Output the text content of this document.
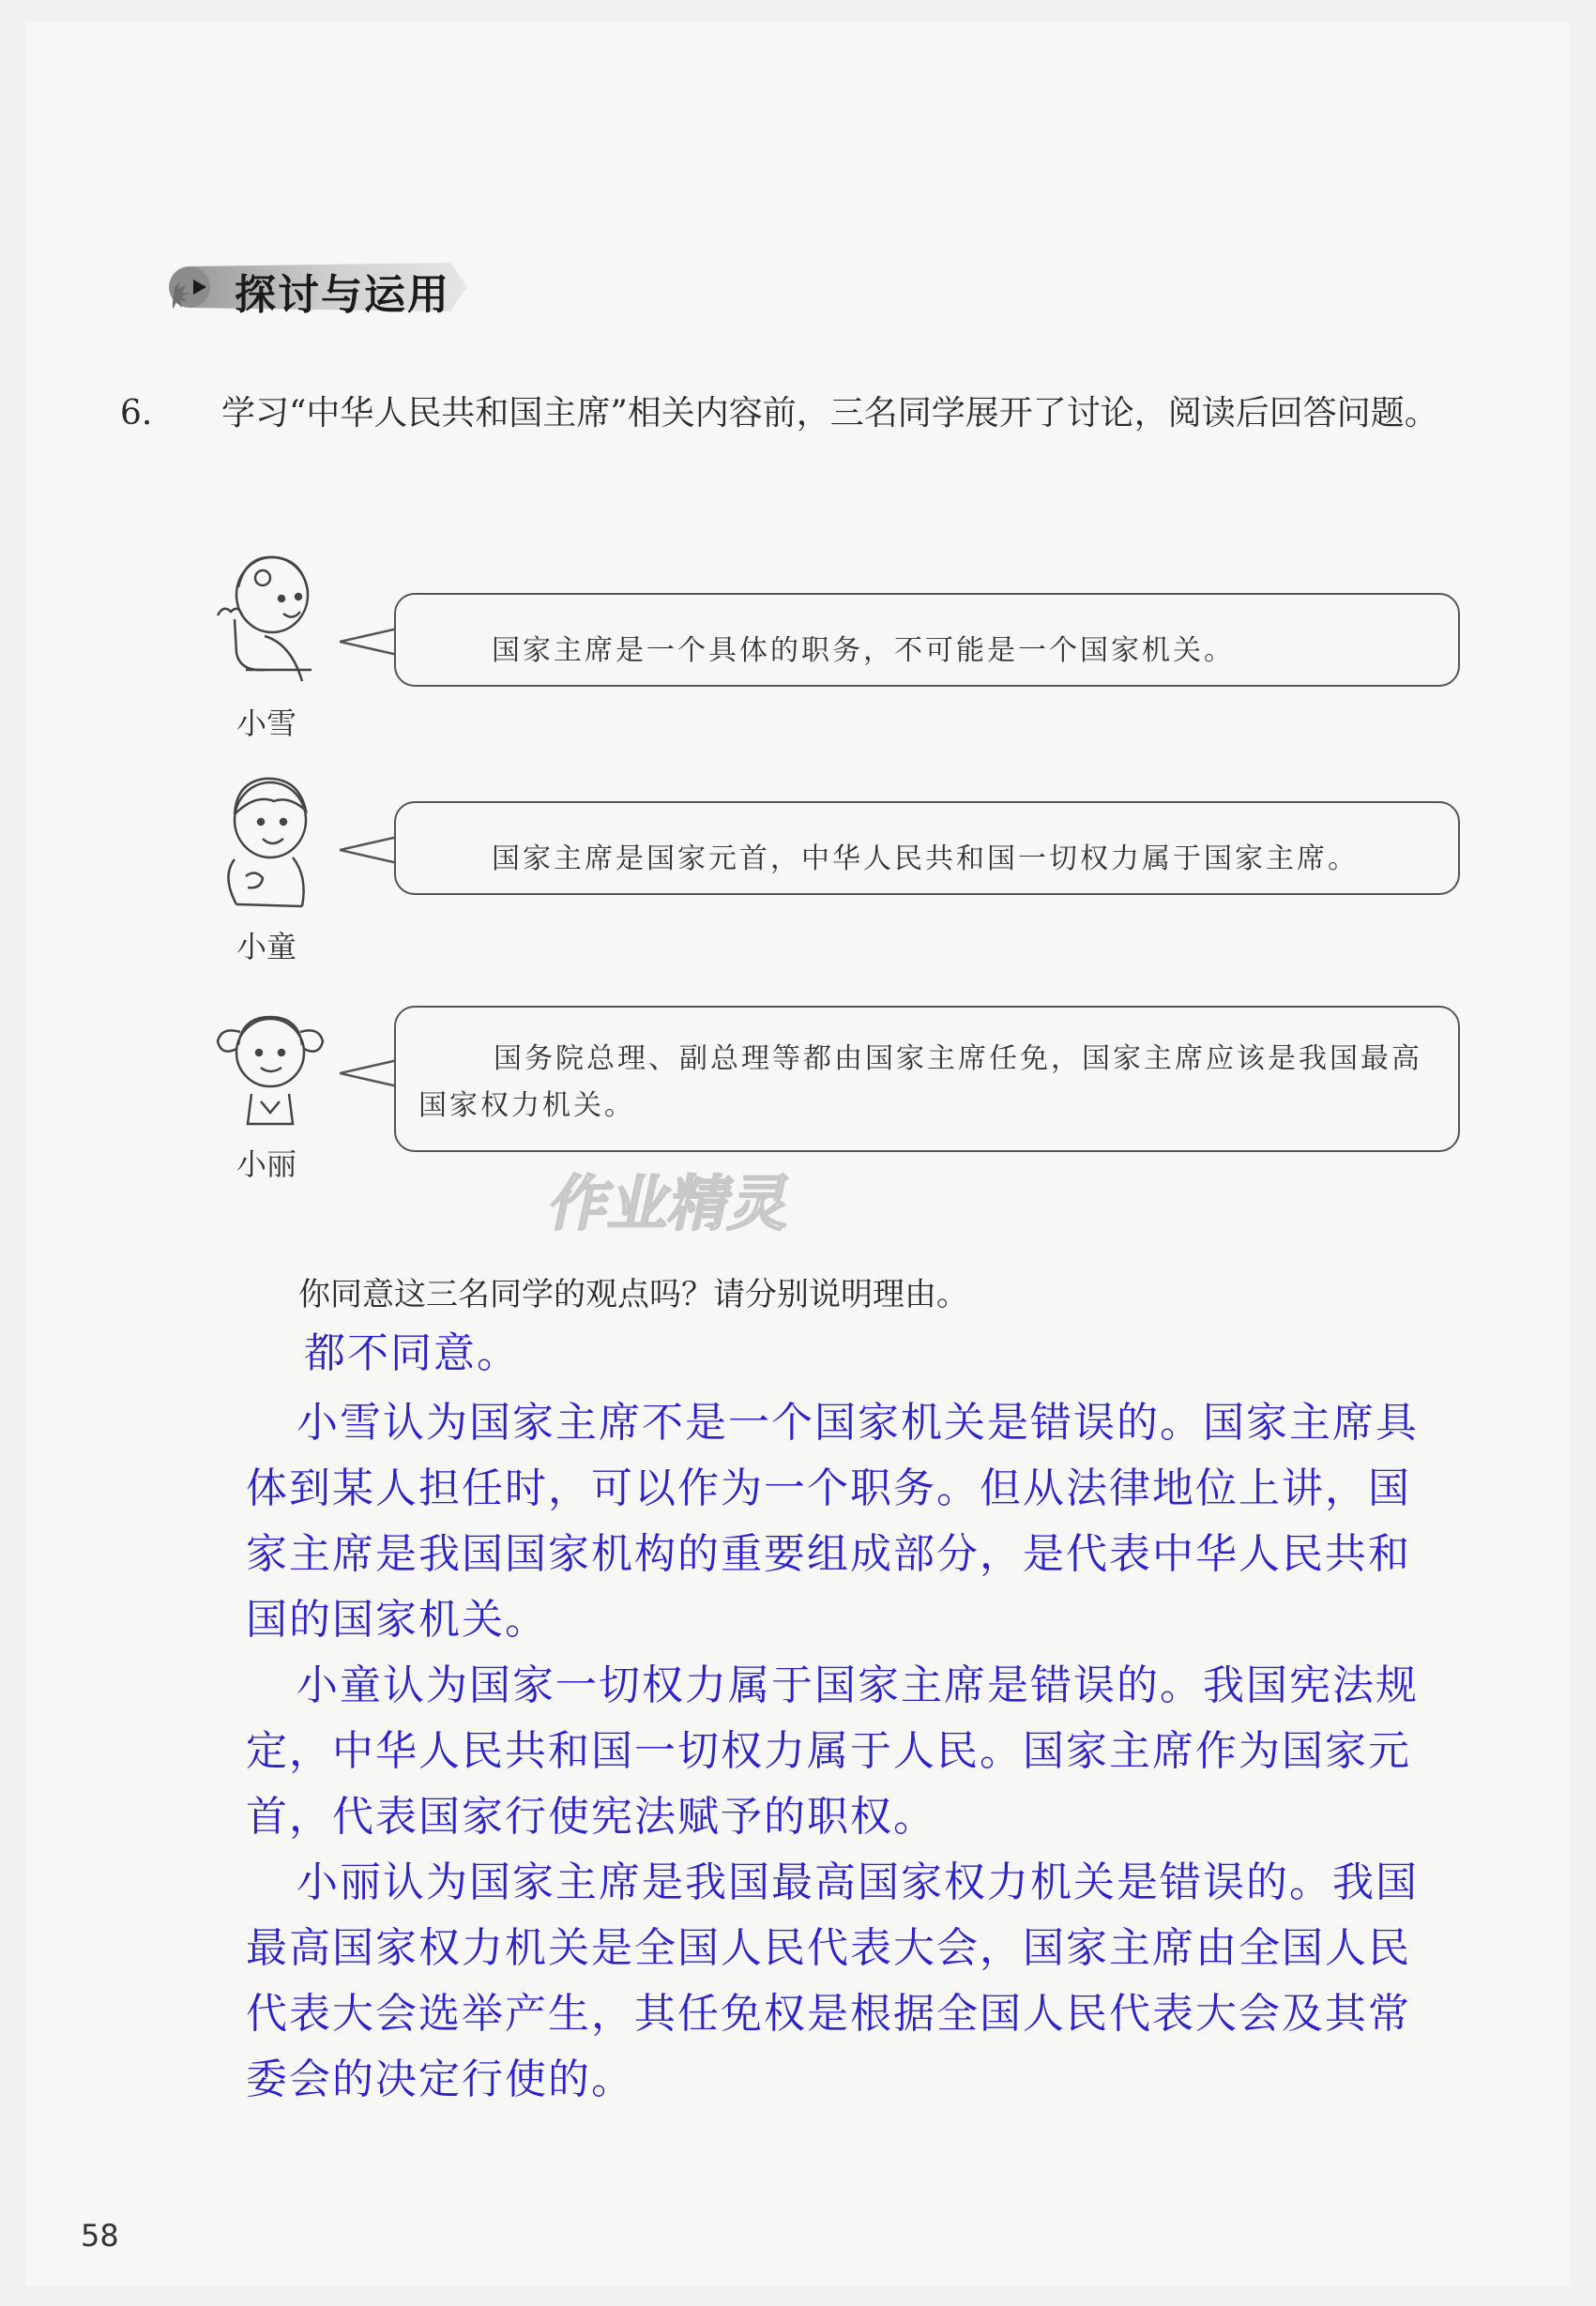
探讨与运用
6. 学习“中华人民共和国主席”相关内容前，三名同学展开了讨论，阅读后回答问题。
小雪
国家主席是一个具体的职务，不可能是一个国家机关。
小童
国家主席是国家元首，中华人民共和国一切权力属于国家主席。
小丽
国务院总理、副总理等都由国家主席任免，国家主席应该是我国最高国家权力机关。
作业精灵
你同意这三名同学的观点吗？请分别说明理由。

都不同意。

小雪认为国家主席不是一个国家机关是错误的。国家主席具体到某人担任时，可以作为一个职务。但从法律地位上讲，国家主席是我国国家机构的重要组成部分，是代表中华人民共和国的国家机关。

小童认为国家一切权力属于国家主席是错误的。我国宪法规定，中华人民共和国一切权力属于人民。国家主席作为国家元首，代表国家行使宪法赋予的职权。

小丽认为国家主席是我国最高国家权力机关是错误的。我国最高国家权力机关是全国人民代表大会，国家主席由全国人民代表大会选举产生，其任免权是根据全国人民代表大会及其常委会的决定行使的。

58
